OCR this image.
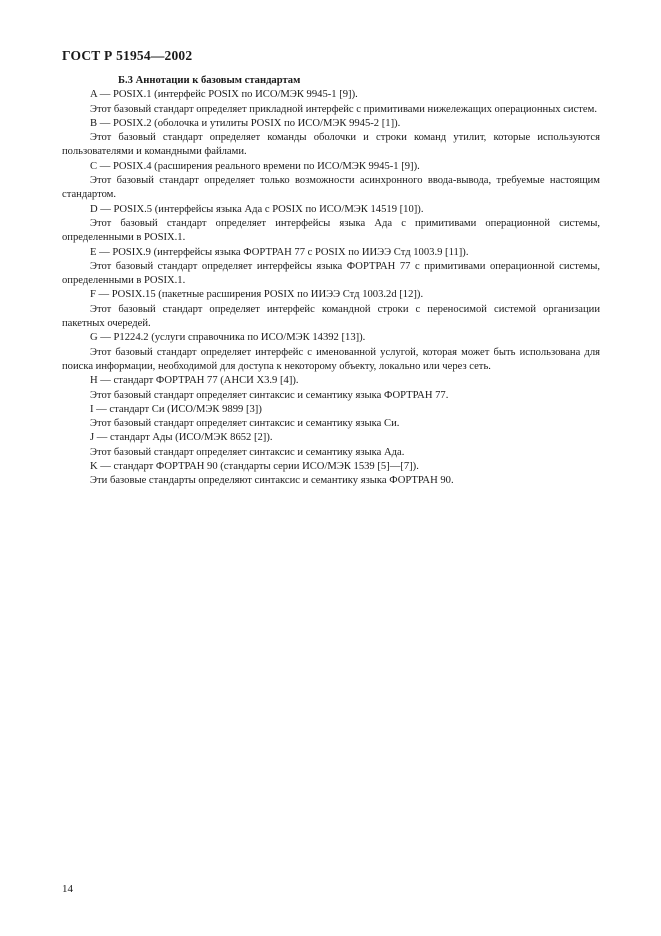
ГОСТ Р 51954—2002

Б.3 Аннотации к базовым стандартам

A — POSIX.1 (интерфейс POSIX по ИСО/МЭК 9945-1 [9]).

Этот базовый стандарт определяет прикладной интерфейс с примитивами нижележащих операционных систем.

B — POSIX.2 (оболочка и утилиты POSIX по ИСО/МЭК 9945-2 [1]).

Этот базовый стандарт определяет команды оболочки и строки команд утилит, которые используются пользователями и командными файлами.

C — POSIX.4 (расширения реального времени по ИСО/МЭК 9945-1 [9]).

Этот базовый стандарт определяет только возможности асинхронного ввода-вывода, требуемые настоящим стандартом.

D — POSIX.5 (интерфейсы языка Ада с POSIX по ИСО/МЭК 14519 [10]).

Этот базовый стандарт определяет интерфейсы языка Ада с примитивами операционной системы, определенными в POSIX.1.

E — POSIX.9 (интерфейсы языка ФОРТРАН 77 с POSIX по ИИЭЭ Стд 1003.9 [11]).

Этот базовый стандарт определяет интерфейсы языка ФОРТРАН 77 с примитивами операционной системы, определенными в POSIX.1.

F — POSIX.15 (пакетные расширения POSIX по ИИЭЭ Стд 1003.2d [12]).

Этот базовый стандарт определяет интерфейс командной строки с переносимой системой организации пакетных очередей.

G — P1224.2 (услуги справочника по ИСО/МЭК 14392 [13]).

Этот базовый стандарт определяет интерфейс с именованной услугой, которая может быть использована для поиска информации, необходимой для доступа к некоторому объекту, локально или через сеть.

H — стандарт ФОРТРАН 77 (АНСИ X3.9 [4]).

Этот базовый стандарт определяет синтаксис и семантику языка ФОРТРАН 77.

I — стандарт Си (ИСО/МЭК 9899 [3])

Этот базовый стандарт определяет синтаксис и семантику языка Си.

J — стандарт Ады (ИСО/МЭК 8652 [2]).

Этот базовый стандарт определяет синтаксис и семантику языка Ада.

K — стандарт ФОРТРАН 90 (стандарты серии ИСО/МЭК 1539 [5]—[7]).

Эти базовые стандарты определяют синтаксис и семантику языка ФОРТРАН 90.

14
